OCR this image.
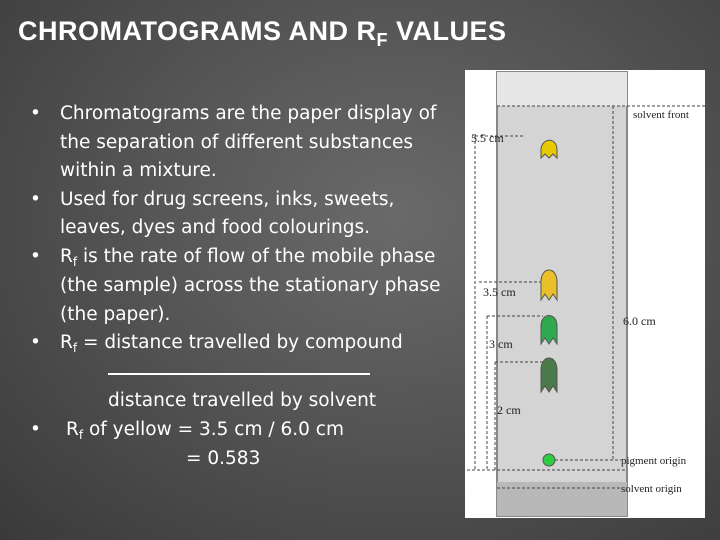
CHROMATOGRAMS AND $R_F$ VALUES
• Chromatograms are the paper display of the separation of different substances within a mixture.
• Used for drug screens, inks, sweets, leaves, dyes and food colourings.
• $R_f$ is the rate of flow of the mobile phase (the sample) across the stationary phase (the paper).
• $R_f$ = distance travelled by compound
distance travelled by solvent
• $R_f$ of yellow = 3.5 cm / 6.0 cm
= 0.583
solvent front
5.5 cm
3.5 cm
3 cm
2 cm
6.0 cm
pigment origin
solvent origin
